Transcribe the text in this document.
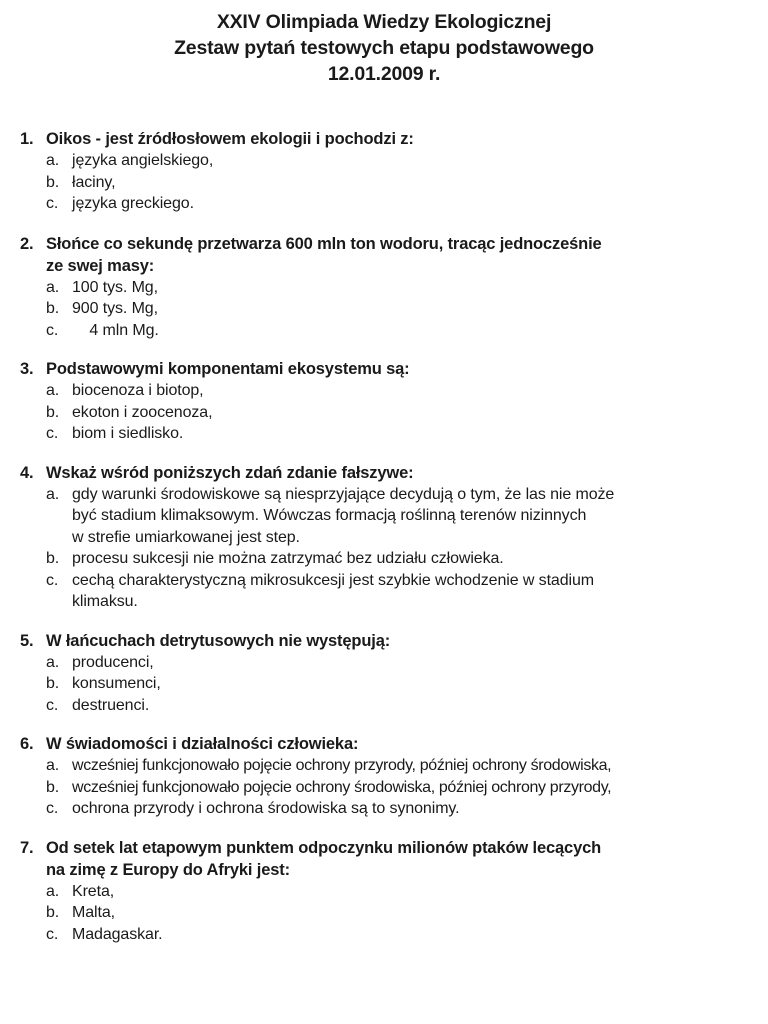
XXIV Olimpiada Wiedzy Ekologicznej
Zestaw pytań testowych etapu podstawowego
12.01.2009 r.
1. Oikos - jest źródłosłowem ekologii i pochodzi z:
a. języka angielskiego,
b. łaciny,
c. języka greckiego.
2. Słońce co sekundę przetwarza 600 mln ton wodoru, tracąc jednocześnie
ze swej masy:
a. 100 tys. Mg,
b. 900 tys. Mg,
c. 4 mln Mg.
3. Podstawowymi komponentami ekosystemu są:
a. biocenoza i biotop,
b. ekoton i zoocenoza,
c. biom i siedlisko.
4. Wskaż wśród poniższych zdań zdanie fałszywe:
a. gdy warunki środowiskowe są niesprzyjające decydują o tym, że las nie może
być stadium klimaksowym. Wówczas formacją roślinną terenów nizinnych
w strefie umiarkowanej jest step.
b. procesu sukcesji nie można zatrzymać bez udziału człowieka.
c. cechą charakterystyczną mikrosukcesji jest szybkie wchodzenie w stadium
klimaksu.
5. W łańcuchach detrytusowych nie występują:
a. producenci,
b. konsumenci,
c. destruenci.
6. W świadomości i działalności człowieka:
a. wcześniej funkcjonowało pojęcie ochrony przyrody, później ochrony środowiska,
b. wcześniej funkcjonowało pojęcie ochrony środowiska, później ochrony przyrody,
c. ochrona przyrody i ochrona środowiska są to synonimy.
7. Od setek lat etapowym punktem odpoczynku milionów ptaków lecących
na zimę z Europy do Afryki jest:
a. Kreta,
b. Malta,
c. Madagaskar.
